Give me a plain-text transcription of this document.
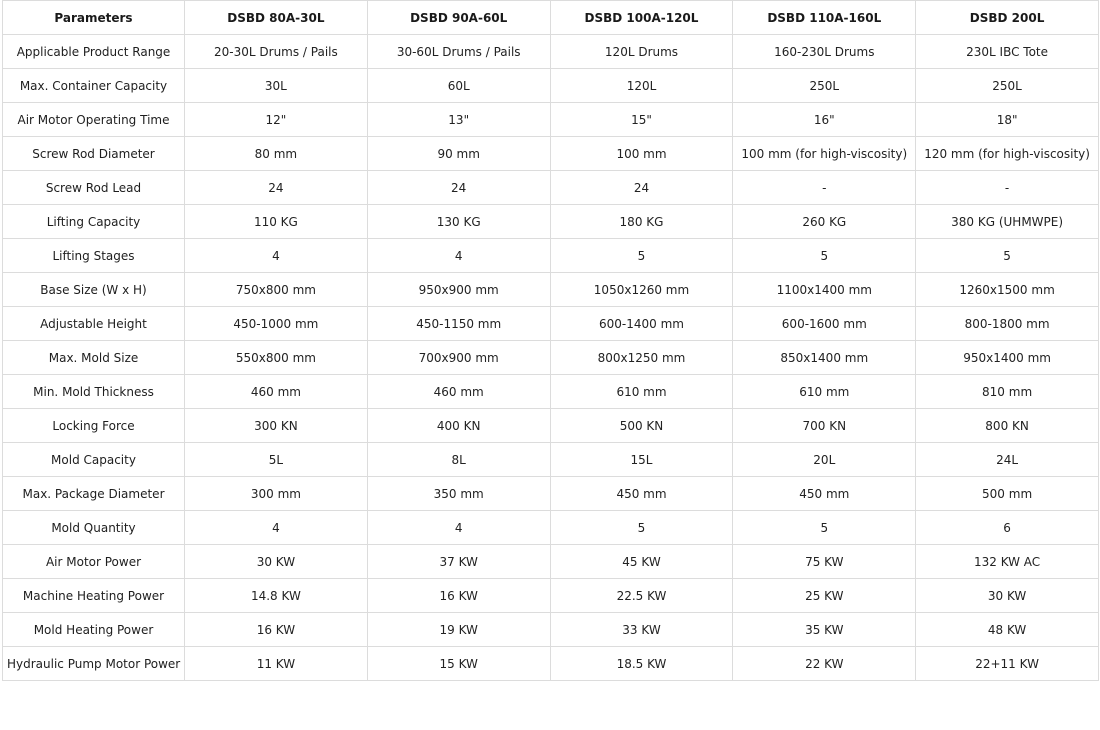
Parameters	DSBD 80A-30L	DSBD 90A-60L	DSBD 100A-120L	DSBD 110A-160L	DSBD 200L
Applicable Product Range	20-30L Drums / Pails	30-60L Drums / Pails	120L Drums	160-230L Drums	230L IBC Tote
Max. Container Capacity	30L	60L	120L	250L	250L
Air Motor Operating Time	12"	13"	15"	16"	18"
Screw Rod Diameter	80 mm	90 mm	100 mm	100 mm (for high-viscosity)	120 mm (for high-viscosity)
Screw Rod Lead	24	24	24	-	-
Lifting Capacity	110 KG	130 KG	180 KG	260 KG	380 KG (UHMWPE)
Lifting Stages	4	4	5	5	5
Base Size (W x H)	750x800 mm	950x900 mm	1050x1260 mm	1100x1400 mm	1260x1500 mm
Adjustable Height	450-1000 mm	450-1150 mm	600-1400 mm	600-1600 mm	800-1800 mm
Max. Mold Size	550x800 mm	700x900 mm	800x1250 mm	850x1400 mm	950x1400 mm
Min. Mold Thickness	460 mm	460 mm	610 mm	610 mm	810 mm
Locking Force	300 KN	400 KN	500 KN	700 KN	800 KN
Mold Capacity	5L	8L	15L	20L	24L
Max. Package Diameter	300 mm	350 mm	450 mm	450 mm	500 mm
Mold Quantity	4	4	5	5	6
Air Motor Power	30 KW	37 KW	45 KW	75 KW	132 KW AC
Machine Heating Power	14.8 KW	16 KW	22.5 KW	25 KW	30 KW
Mold Heating Power	16 KW	19 KW	33 KW	35 KW	48 KW
Hydraulic Pump Motor Power	11 KW	15 KW	18.5 KW	22 KW	22+11 KW
